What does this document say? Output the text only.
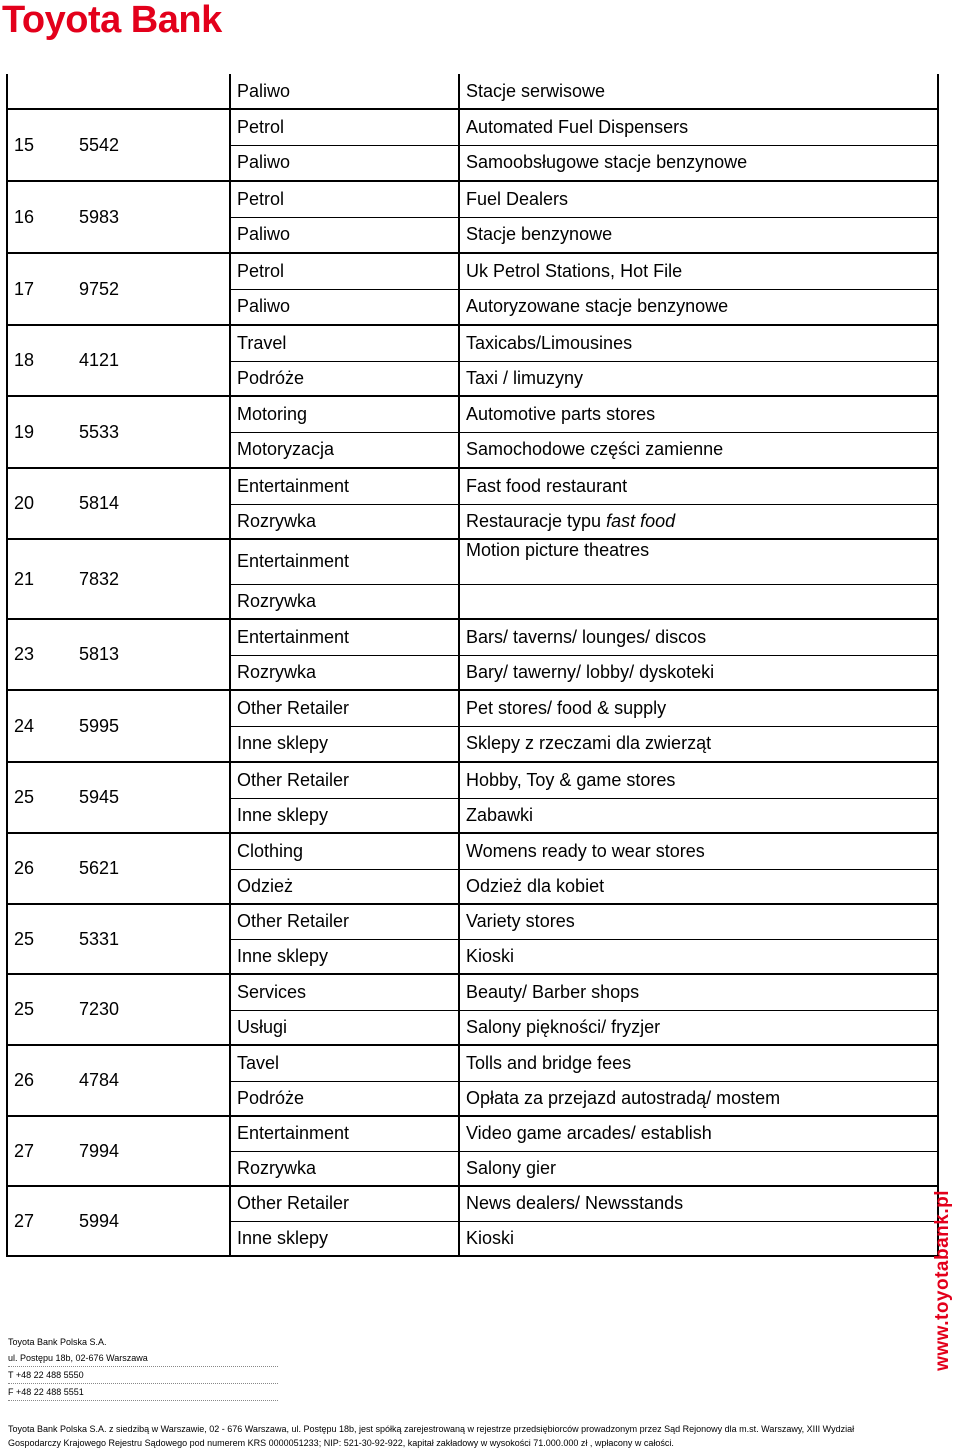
Toyota Bank
		Paliwo	Stacje serwisowe
15	5542	Petrol	Automated Fuel Dispensers
		Paliwo	Samoobsługowe stacje benzynowe
16	5983	Petrol	Fuel Dealers
		Paliwo	Stacje benzynowe
17	9752	Petrol	Uk Petrol Stations, Hot File
		Paliwo	Autoryzowane stacje benzynowe
18	4121	Travel	Taxicabs/Limousines
		Podróże	Taxi / limuzyny
19	5533	Motoring	Automotive parts stores
		Motoryzacja	Samochodowe części zamienne
20	5814	Entertainment	Fast food restaurant
		Rozrywka	Restauracje typu fast food
21	7832	Entertainment	Motion picture theatres
		Rozrywka	
23	5813	Entertainment	Bars/ taverns/ lounges/ discos
		Rozrywka	Bary/ tawerny/ lobby/ dyskoteki
24	5995	Other Retailer	Pet stores/ food & supply
		Inne sklepy	Sklepy z rzeczami dla zwierząt
25	5945	Other Retailer	Hobby, Toy & game stores
		Inne sklepy	Zabawki
26	5621	Clothing	Womens ready to wear stores
		Odzież	Odzież dla kobiet
25	5331	Other Retailer	Variety stores
		Inne sklepy	Kioski
25	7230	Services	Beauty/ Barber shops
		Usługi	Salony piękności/ fryzjer
26	4784	Tavel	Tolls and bridge fees
		Podróże	Opłata za przejazd autostradą/ mostem
27	7994	Entertainment	Video game arcades/ establish
		Rozrywka	Salony gier
27	5994	Other Retailer	News dealers/ Newsstands
		Inne sklepy	Kioski	www.toyotabank.pl
Toyota Bank Polska S.A.
ul. Postępu 18b, 02-676 Warszawa
T +48 22 488 5550
F +48 22 488 5551
Toyota Bank Polska S.A. z siedzibą w Warszawie, 02 - 676 Warszawa, ul. Postępu 18b, jest spółką zarejestrowaną w rejestrze przedsiębiorców prowadzonym przez Sąd Rejonowy dla m.st. Warszawy, XIII Wydział
Gospodarczy Krajowego Rejestru Sądowego pod numerem KRS 0000051233; NIP: 521-30-92-922, kapitał zakładowy w wysokości 71.000.000 zł , wpłacony w całości.
